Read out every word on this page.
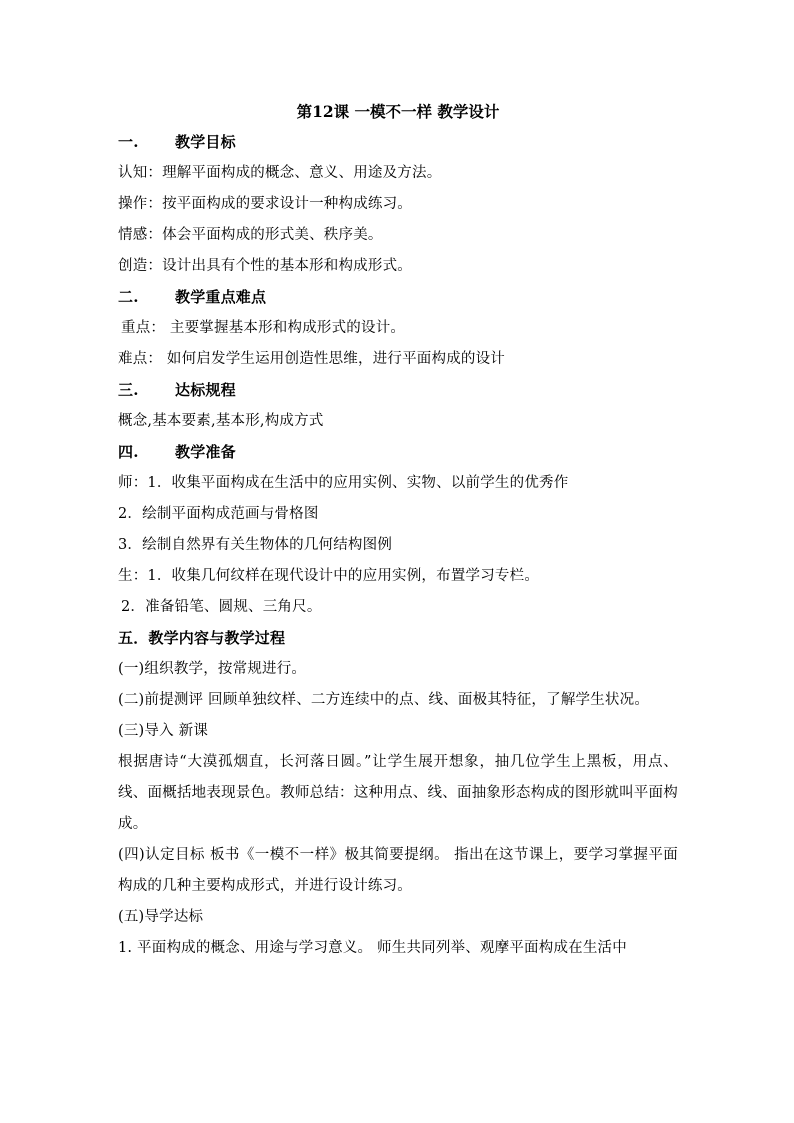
第12课 一模不一样 教学设计
一. 教学目标
认知：理解平面构成的概念、意义、用途及方法。
操作：按平面构成的要求设计一种构成练习。
情感：体会平面构成的形式美、秩序美。
创造：设计出具有个性的基本形和构成形式。
二. 教学重点难点
重点： 主要掌握基本形和构成形式的设计。
难点： 如何启发学生运用创造性思维，进行平面构成的设计
三. 达标规程
概念,基本要素,基本形,构成方式
四. 教学准备
师：1．收集平面构成在生活中的应用实例、实物、以前学生的优秀作
2．绘制平面构成范画与骨格图
3．绘制自然界有关生物体的几何结构图例
生：1．收集几何纹样在现代设计中的应用实例，布置学习专栏。
2．准备铅笔、圆规、三角尺。
五．教学内容与教学过程
(一)组织教学，按常规进行。
(二)前提测评 回顾单独纹样、二方连续中的点、线、面极其特征，了解学生状况。
(三)导入 新课
根据唐诗“大漠孤烟直，长河落日圆。”让学生展开想象，抽几位学生上黑板，用点、线、面概括地表现景色。教师总结：这种用点、线、面抽象形态构成的图形就叫平面构成。
(四)认定目标 板书《一模不一样》极其简要提纲。 指出在这节课上，要学习掌握平面构成的几种主要构成形式，并进行设计练习。
(五)导学达标
1. 平面构成的概念、用途与学习意义。 师生共同列举、观摩平面构成在生活中
